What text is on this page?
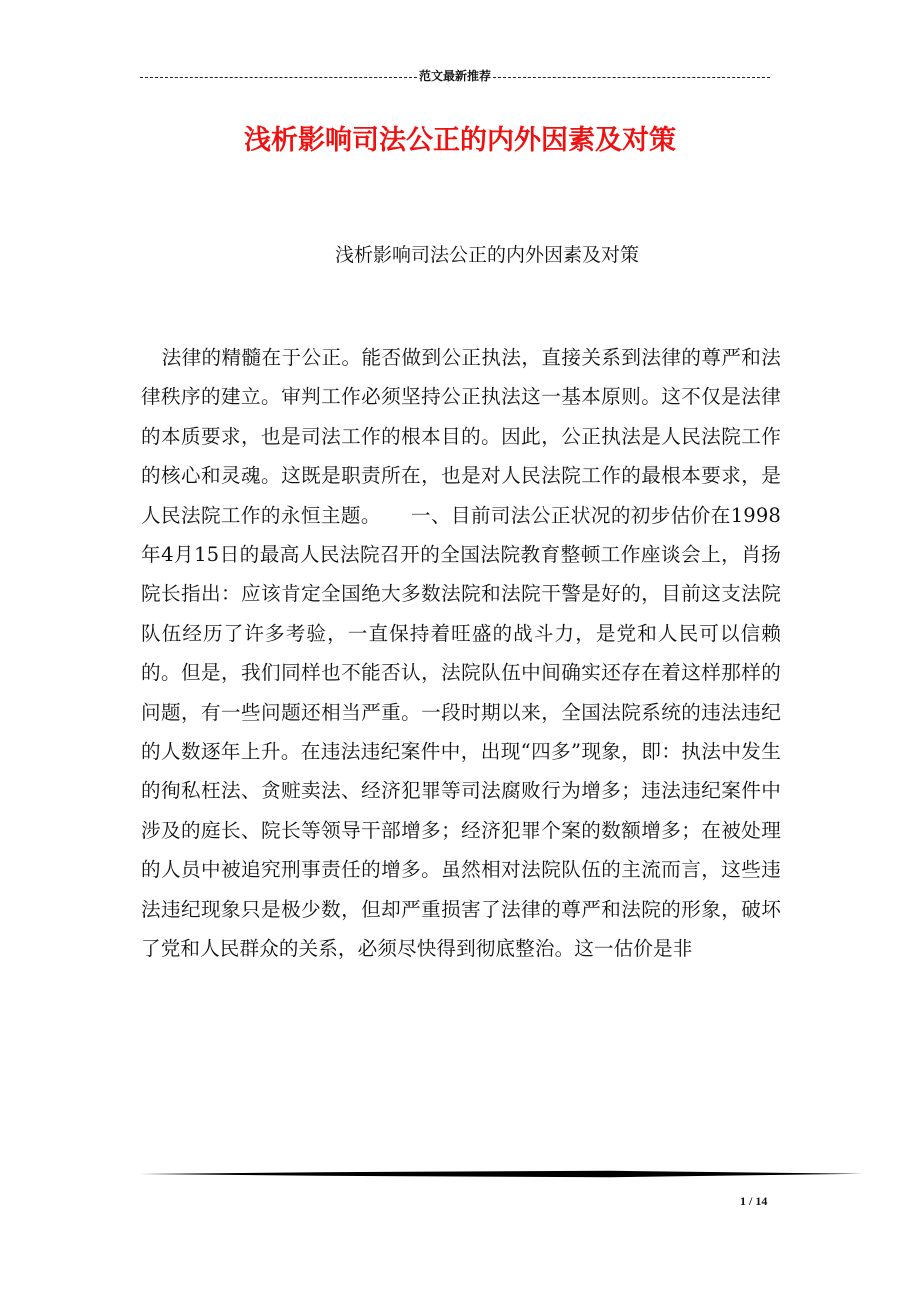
范文最新推荐
浅析影响司法公正的内外因素及对策
浅析影响司法公正的内外因素及对策
法律的精髓在于公正。能否做到公正执法，直接关系到法律的尊严和法律秩序的建立。审判工作必须坚持公正执法这一基本原则。这不仅是法律的本质要求，也是司法工作的根本目的。因此，公正执法是人民法院工作的核心和灵魂。这既是职责所在，也是对人民法院工作的最根本要求，是人民法院工作的永恒主题。　　一、目前司法公正状况的初步估价在1998年4月15日的最高人民法院召开的全国法院教育整顿工作座谈会上，肖扬院长指出：应该肯定全国绝大多数法院和法院干警是好的，目前这支法院队伍经历了许多考验，一直保持着旺盛的战斗力，是党和人民可以信赖的。但是，我们同样也不能否认，法院队伍中间确实还存在着这样那样的问题，有一些问题还相当严重。一段时期以来，全国法院系统的违法违纪的人数逐年上升。在违法违纪案件中，出现“四多”现象，即：执法中发生的徇私枉法、贪赃卖法、经济犯罪等司法腐败行为增多；违法违纪案件中涉及的庭长、院长等领导干部增多；经济犯罪个案的数额增多；在被处理的人员中被追究刑事责任的增多。虽然相对法院队伍的主流而言，这些违法违纪现象只是极少数，但却严重损害了法律的尊严和法院的形象，破坏了党和人民群众的关系，必须尽快得到彻底整治。这一估价是非
1 / 14
